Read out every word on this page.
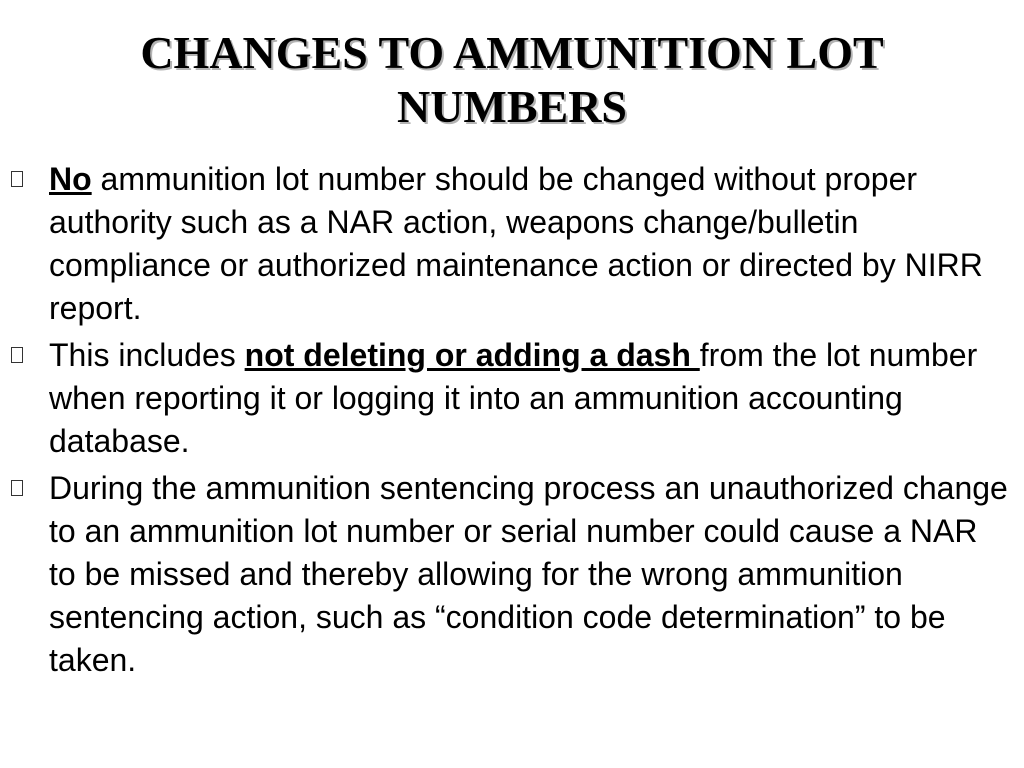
CHANGES TO AMMUNITION LOT
NUMBERS
No ammunition lot number should be changed without proper authority such as a NAR action, weapons change/bulletin compliance or authorized maintenance action or directed by NIRR report.
This includes not deleting or adding a dash from the lot number when reporting it or logging it into an ammunition accounting database.
During the ammunition sentencing process an unauthorized change to an ammunition lot number or serial number could cause a NAR to be missed and thereby allowing for the wrong ammunition sentencing action, such as “condition code determination” to be taken.
